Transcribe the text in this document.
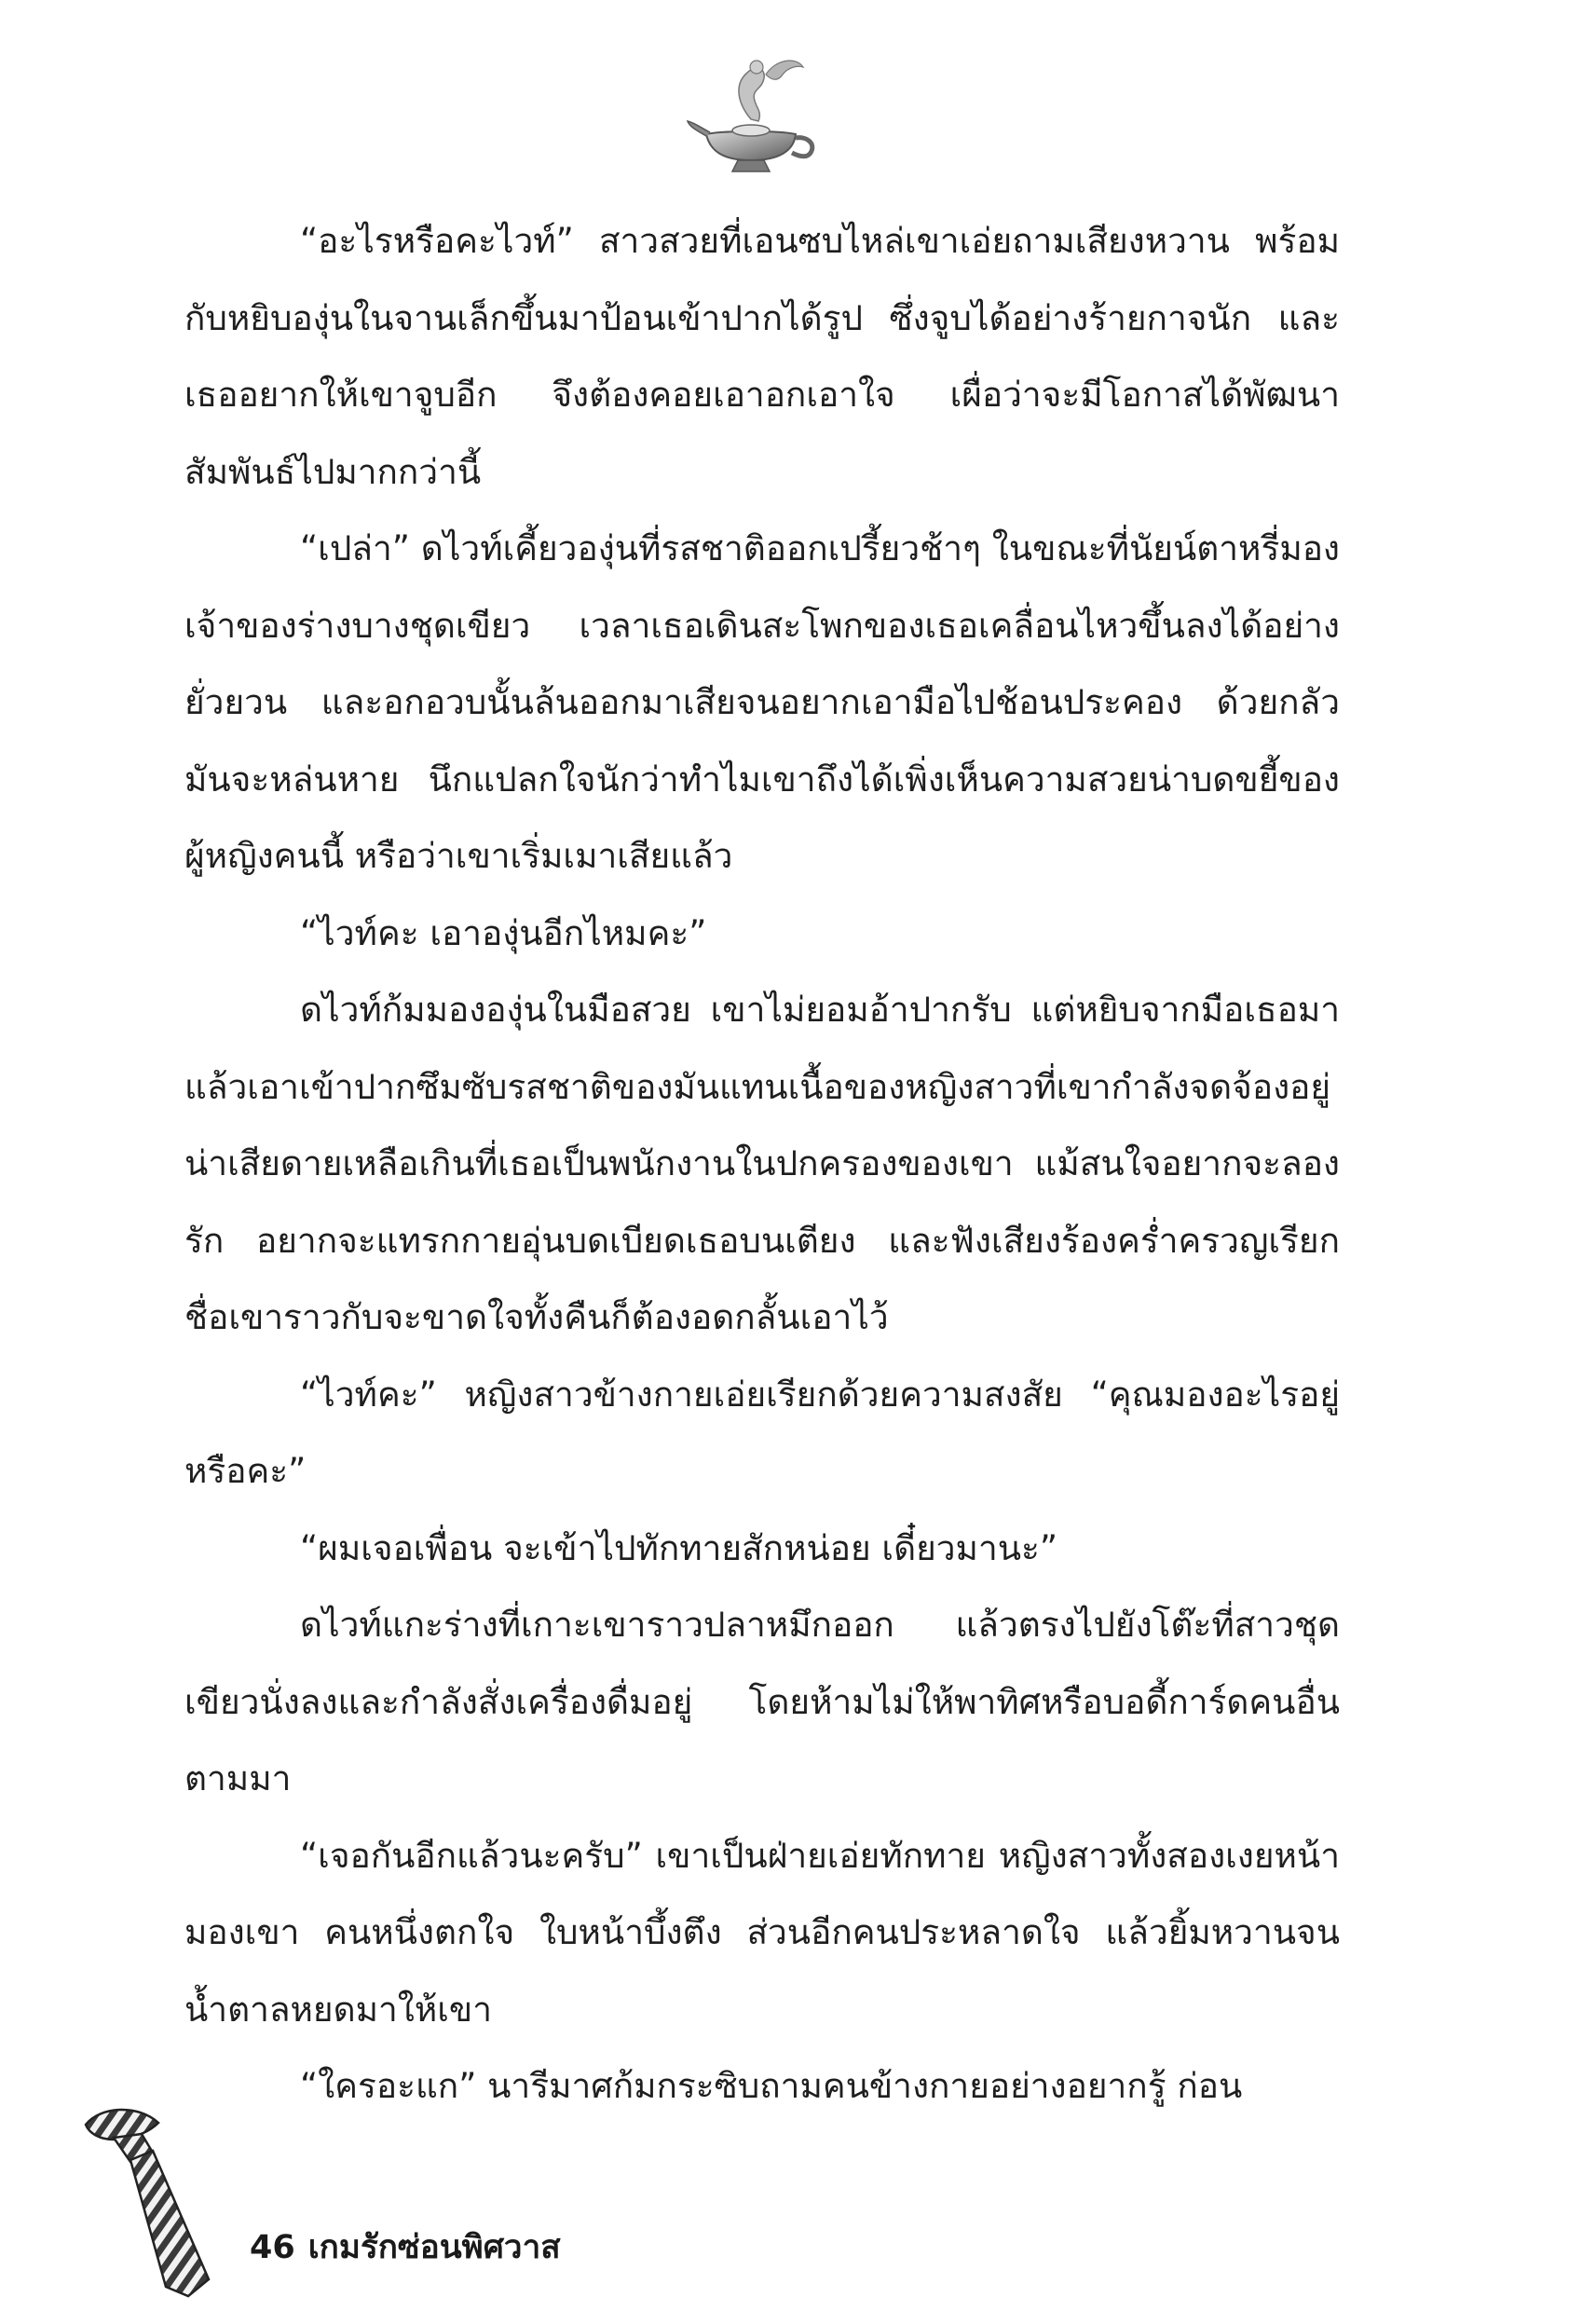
“อะไรหรือคะไวท์” สาวสวยที่เอนซบไหล่เขาเอ่ยถามเสียงหวาน พร้อมกับหยิบองุ่นในจานเล็กขึ้นมาป้อนเข้าปากได้รูป ซึ่งจูบได้อย่างร้ายกาจนัก และเธออยากให้เขาจูบอีก จึงต้องคอยเอาอกเอาใจ เผื่อว่าจะมีโอกาสได้พัฒนาสัมพันธ์ไปมากกว่านี้

“เปล่า” ดไวท์เคี้ยวองุ่นที่รสชาติออกเปรี้ยวช้าๆ ในขณะที่นัยน์ตาหรี่มองเจ้าของร่างบางชุดเขียว เวลาเธอเดินสะโพกของเธอเคลื่อนไหวขึ้นลงได้อย่างยั่วยวน และอกอวบนั้นล้นออกมาเสียจนอยากเอามือไปช้อนประคอง ด้วยกลัวมันจะหล่นหาย นึกแปลกใจนักว่าทำไมเขาถึงได้เพิ่งเห็นความสวยน่าบดขยี้ของผู้หญิงคนนี้ หรือว่าเขาเริ่มเมาเสียแล้ว

“ไวท์คะ เอาองุ่นอีกไหมคะ”

ดไวท์ก้มมององุ่นในมือสวย เขาไม่ยอมอ้าปากรับ แต่หยิบจากมือเธอมา แล้วเอาเข้าปากซึมซับรสชาติของมันแทนเนื้อของหญิงสาวที่เขากำลังจดจ้องอยู่ น่าเสียดายเหลือเกินที่เธอเป็นพนักงานในปกครองของเขา แม้สนใจอยากจะลองรัก อยากจะแทรกกายอุ่นบดเบียดเธอบนเตียง และฟังเสียงร้องคร่ำครวญเรียกชื่อเขาราวกับจะขาดใจทั้งคืนก็ต้องอดกลั้นเอาไว้

“ไวท์คะ” หญิงสาวข้างกายเอ่ยเรียกด้วยความสงสัย “คุณมองอะไรอยู่หรือคะ”

“ผมเจอเพื่อน จะเข้าไปทักทายสักหน่อย เดี๋ยวมานะ”

ดไวท์แกะร่างที่เกาะเขาราวปลาหมึกออก แล้วตรงไปยังโต๊ะที่สาวชุดเขียวนั่งลงและกำลังสั่งเครื่องดื่มอยู่ โดยห้ามไม่ให้พาทิศหรือบอดี้การ์ดคนอื่นตามมา

“เจอกันอีกแล้วนะครับ” เขาเป็นฝ่ายเอ่ยทักทาย หญิงสาวทั้งสองเงยหน้ามองเขา คนหนึ่งตกใจ ใบหน้าบึ้งตึง ส่วนอีกคนประหลาดใจ แล้วยิ้มหวานจนน้ำตาลหยดมาให้เขา

“ใครอะแก” นารีมาศก้มกระซิบถามคนข้างกายอย่างอยากรู้ ก่อน

46 เกมรักซ่อนพิศวาส
